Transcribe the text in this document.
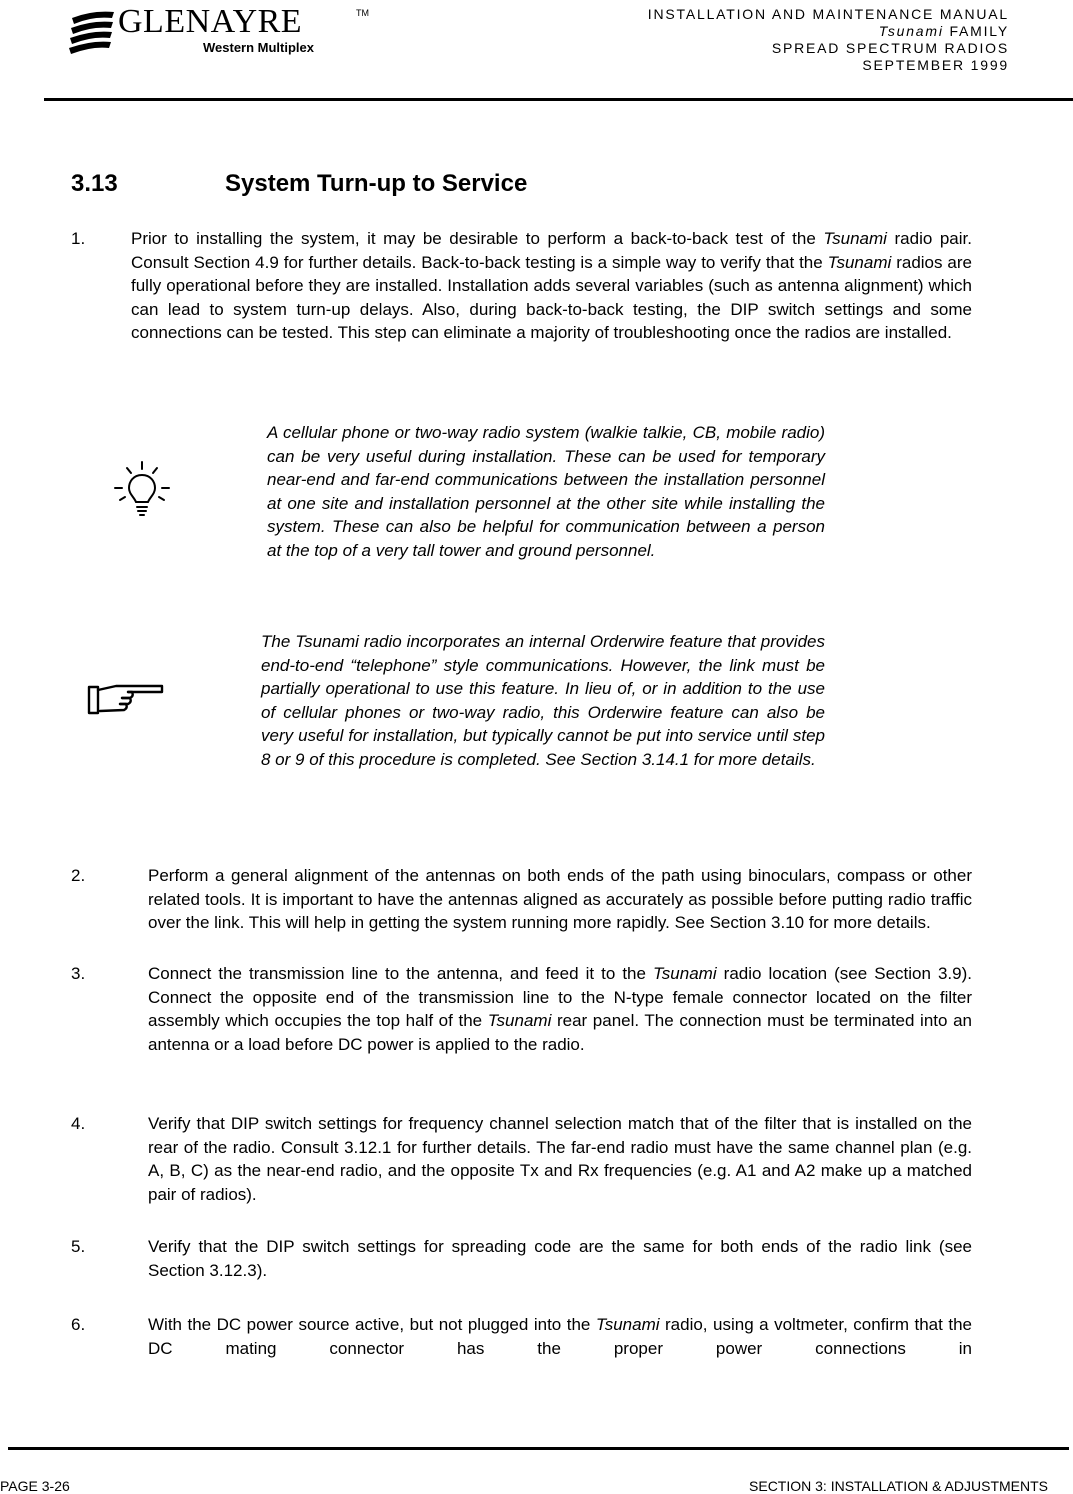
GLENAYRE	TM
Western Multiplex
INSTALLATION AND MAINTENANCE MANUAL
Tsunami FAMILY
SPREAD SPECTRUM RADIOS
SEPTEMBER 1999
3.13	System Turn-up to Service
1.	Prior to installing the system, it may be desirable to perform a back-to-back test of the Tsunami radio pair. Consult Section 4.9 for further details. Back-to-back testing is a simple way to verify that the Tsunami radios are fully operational before they are installed. Installation adds several variables (such as antenna alignment) which can lead to system turn-up delays. Also, during back-to-back testing, the DIP switch settings and some connections can be tested. This step can eliminate a majority of troubleshooting once the radios are installed.
A cellular phone or two-way radio system (walkie talkie, CB, mobile radio) can be very useful during installation. These can be used for temporary near-end and far-end communications between the installation personnel at one site and installation personnel at the other site while installing the system. These can also be helpful for communication between a person at the top of a very tall tower and ground personnel.
The Tsunami radio incorporates an internal Orderwire feature that provides end-to-end “telephone” style communications. However, the link must be partially operational to use this feature. In lieu of, or in addition to the use of cellular phones or two-way radio, this Orderwire feature can also be very useful for installation, but typically cannot be put into service until step 8 or 9 of this procedure is completed. See Section 3.14.1 for more details.
2.	Perform a general alignment of the antennas on both ends of the path using binoculars, compass or other related tools. It is important to have the antennas aligned as accurately as possible before putting radio traffic over the link. This will help in getting the system running more rapidly. See Section 3.10 for more details.
3.	Connect the transmission line to the antenna, and feed it to the Tsunami radio location (see Section 3.9). Connect the opposite end of the transmission line to the N-type female connector located on the filter assembly which occupies the top half of the Tsunami rear panel. The connection must be terminated into an antenna or a load before DC power is applied to the radio.
4.	Verify that DIP switch settings for frequency channel selection match that of the filter that is installed on the rear of the radio. Consult 3.12.1 for further details. The far-end radio must have the same channel plan (e.g. A, B, C) as the near-end radio, and the opposite Tx and Rx frequencies (e.g. A1 and A2 make up a matched pair of radios).
5.	Verify that the DIP switch settings for spreading code are the same for both ends of the radio link (see Section 3.12.3).
6.	With the DC power source active, but not plugged into the Tsunami radio, using a voltmeter, confirm that the DC mating connector has the proper power connections in
PAGE 3-26	SECTION 3: INSTALLATION & ADJUSTMENTS
